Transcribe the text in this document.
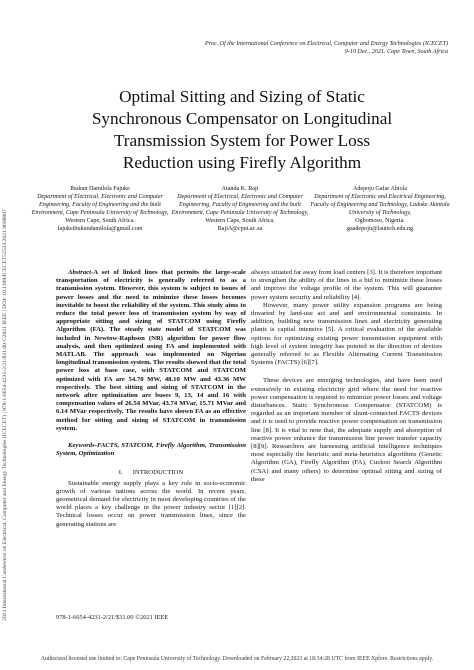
Proc. Of the International Conference on Electrical, Computer and Energy Technologies (ICECET)
9-10 Dec., 2021. Cape Town, South Africa
Optimal Sitting and Sizing of Static
Synchronous Compensator on Longitudinal
Transmission System for Power Loss
Reduction using Firefly Algorithm
Ibukun Damilola Fajuke
Department of Electrical, Electronic and Computer Engineering, Faculty of Engineering and the built Environment, Cape Peninsula University of Technology,
Western Cape, South Africa.
fajukeibukundamilola@gmail.com
Atanda K. Raji
Department of Electrical, Electronic and Computer Engineering, Faculty of Engineering and the built Environment, Cape Peninsula University of Technology,
Western Cape, South Africa.
RajiA@cput.ac.za
Adepoju Gafar Abiola
Department of Electronic and Electrical Engineering, Faculty of Engineering and Technology, Ladoke Akintola University of Technology,
Ogbomoso, Nigeria.
gaadepoju@lautech.edu.ng
2021 International Conference on Electrical, Computer and Energy Technologies (ICECET) | 978-1-6654-4231-2/21/$31.00 ©2021 IEEE | DOI: 10.1109/ICECET52533.2021.9698807	Abstract-A set of linked lines that permits the large-scale transportation of electricity is generally referred to as a transmission system. However, this system is subject to issues of power losses and the need to minimize these losses becomes inevitable to boost the reliability of the system. This study aims to reduce the total power loss of transmission system by way of appropriate sitting and sizing of STATCOM using Firefly Algorithm (FA). The steady state model of STATCOM was included in Newtow-Raphson (NR) algorithm for power flow analysis, and then optimized using FA and implemented with MATLAB. The approach was implemented on Nigerian longitudinal transmission system. The results showed that the total power loss at base case, with STATCOM and STATCOM optimized with FA are 54.70 MW, 48.10 MW and 43.36 MW respectively. The best sitting and sizing of STATCOM in the network after optimization are buses 9, 13, 14 and 16 with compensation values of 26.54 MVar, 43.74 MVar, 15.71 MVar and 6.14 MVar respectively. The results have shown FA as an effective method for sitting and sizing of STATCOM in transmission system.

Keywords-FACTS, STATCOM, Firefly Algorithm, Transmission System, Optimization

I.      INTRODUCTION

Sustainable energy supply plays a key role in socio-economic growth of various nations across the world. In recent years, geometrical demand for electricity in most developing countries of the world places a key challenge in the power industry sector [1][2]. Technical losses occur on power transmission lines, since the generating stations are

always situated far away from load centers [3]. It is therefore important to strengthen the ability of the lines in a bid to minimize these losses and improve the voltage profile of the system. This will guarantee power system security and reliability [4].

However, many power utility expansion programs are being thwarted by land-use act and and environmental constraints. In addition, building new transmission lines and electricity generating plants is capital intensive [5]. A critical evaluation of the available options for optimizing existing power transmission equipment with high level of system integrity has pointed in the direction of devices generally referred to as Flexible Alternating Current Transmission Systems (FACTS) [6][7].

These devices are emerging technologies, and have been used extensively in existing electricity grid where the need for reactive power compensation is required to minimize power losses and voltage disturbances. Static Synchronous Compensator (STATCOM) is regarded as an important member of shunt-connected FACTS devices and it is used to provide reactive power compensation on transmission line [8]. It is vital to note that, the adequate supply and absorption of reactive power enhance the transmission line power transfer capacity [8][9]. Researchers are harnessing artificial intelligence techniques most especially the heuristic and meta-heuristics algorithms (Genetic Algorithm (GA), Firefly Algorithm (FA), Cuckoo Search Algorithm (CSA) and many others) to determine optimal sitting and sizing of these

978-1-6654-4231-2/21/$31.00 ©2021 IEEE
Authorized licensed use limited to: Cape Peninsula University of Technology. Downloaded on February 22,2023 at 18:34:28 UTC from IEEE Xplore. Restrictions apply.
